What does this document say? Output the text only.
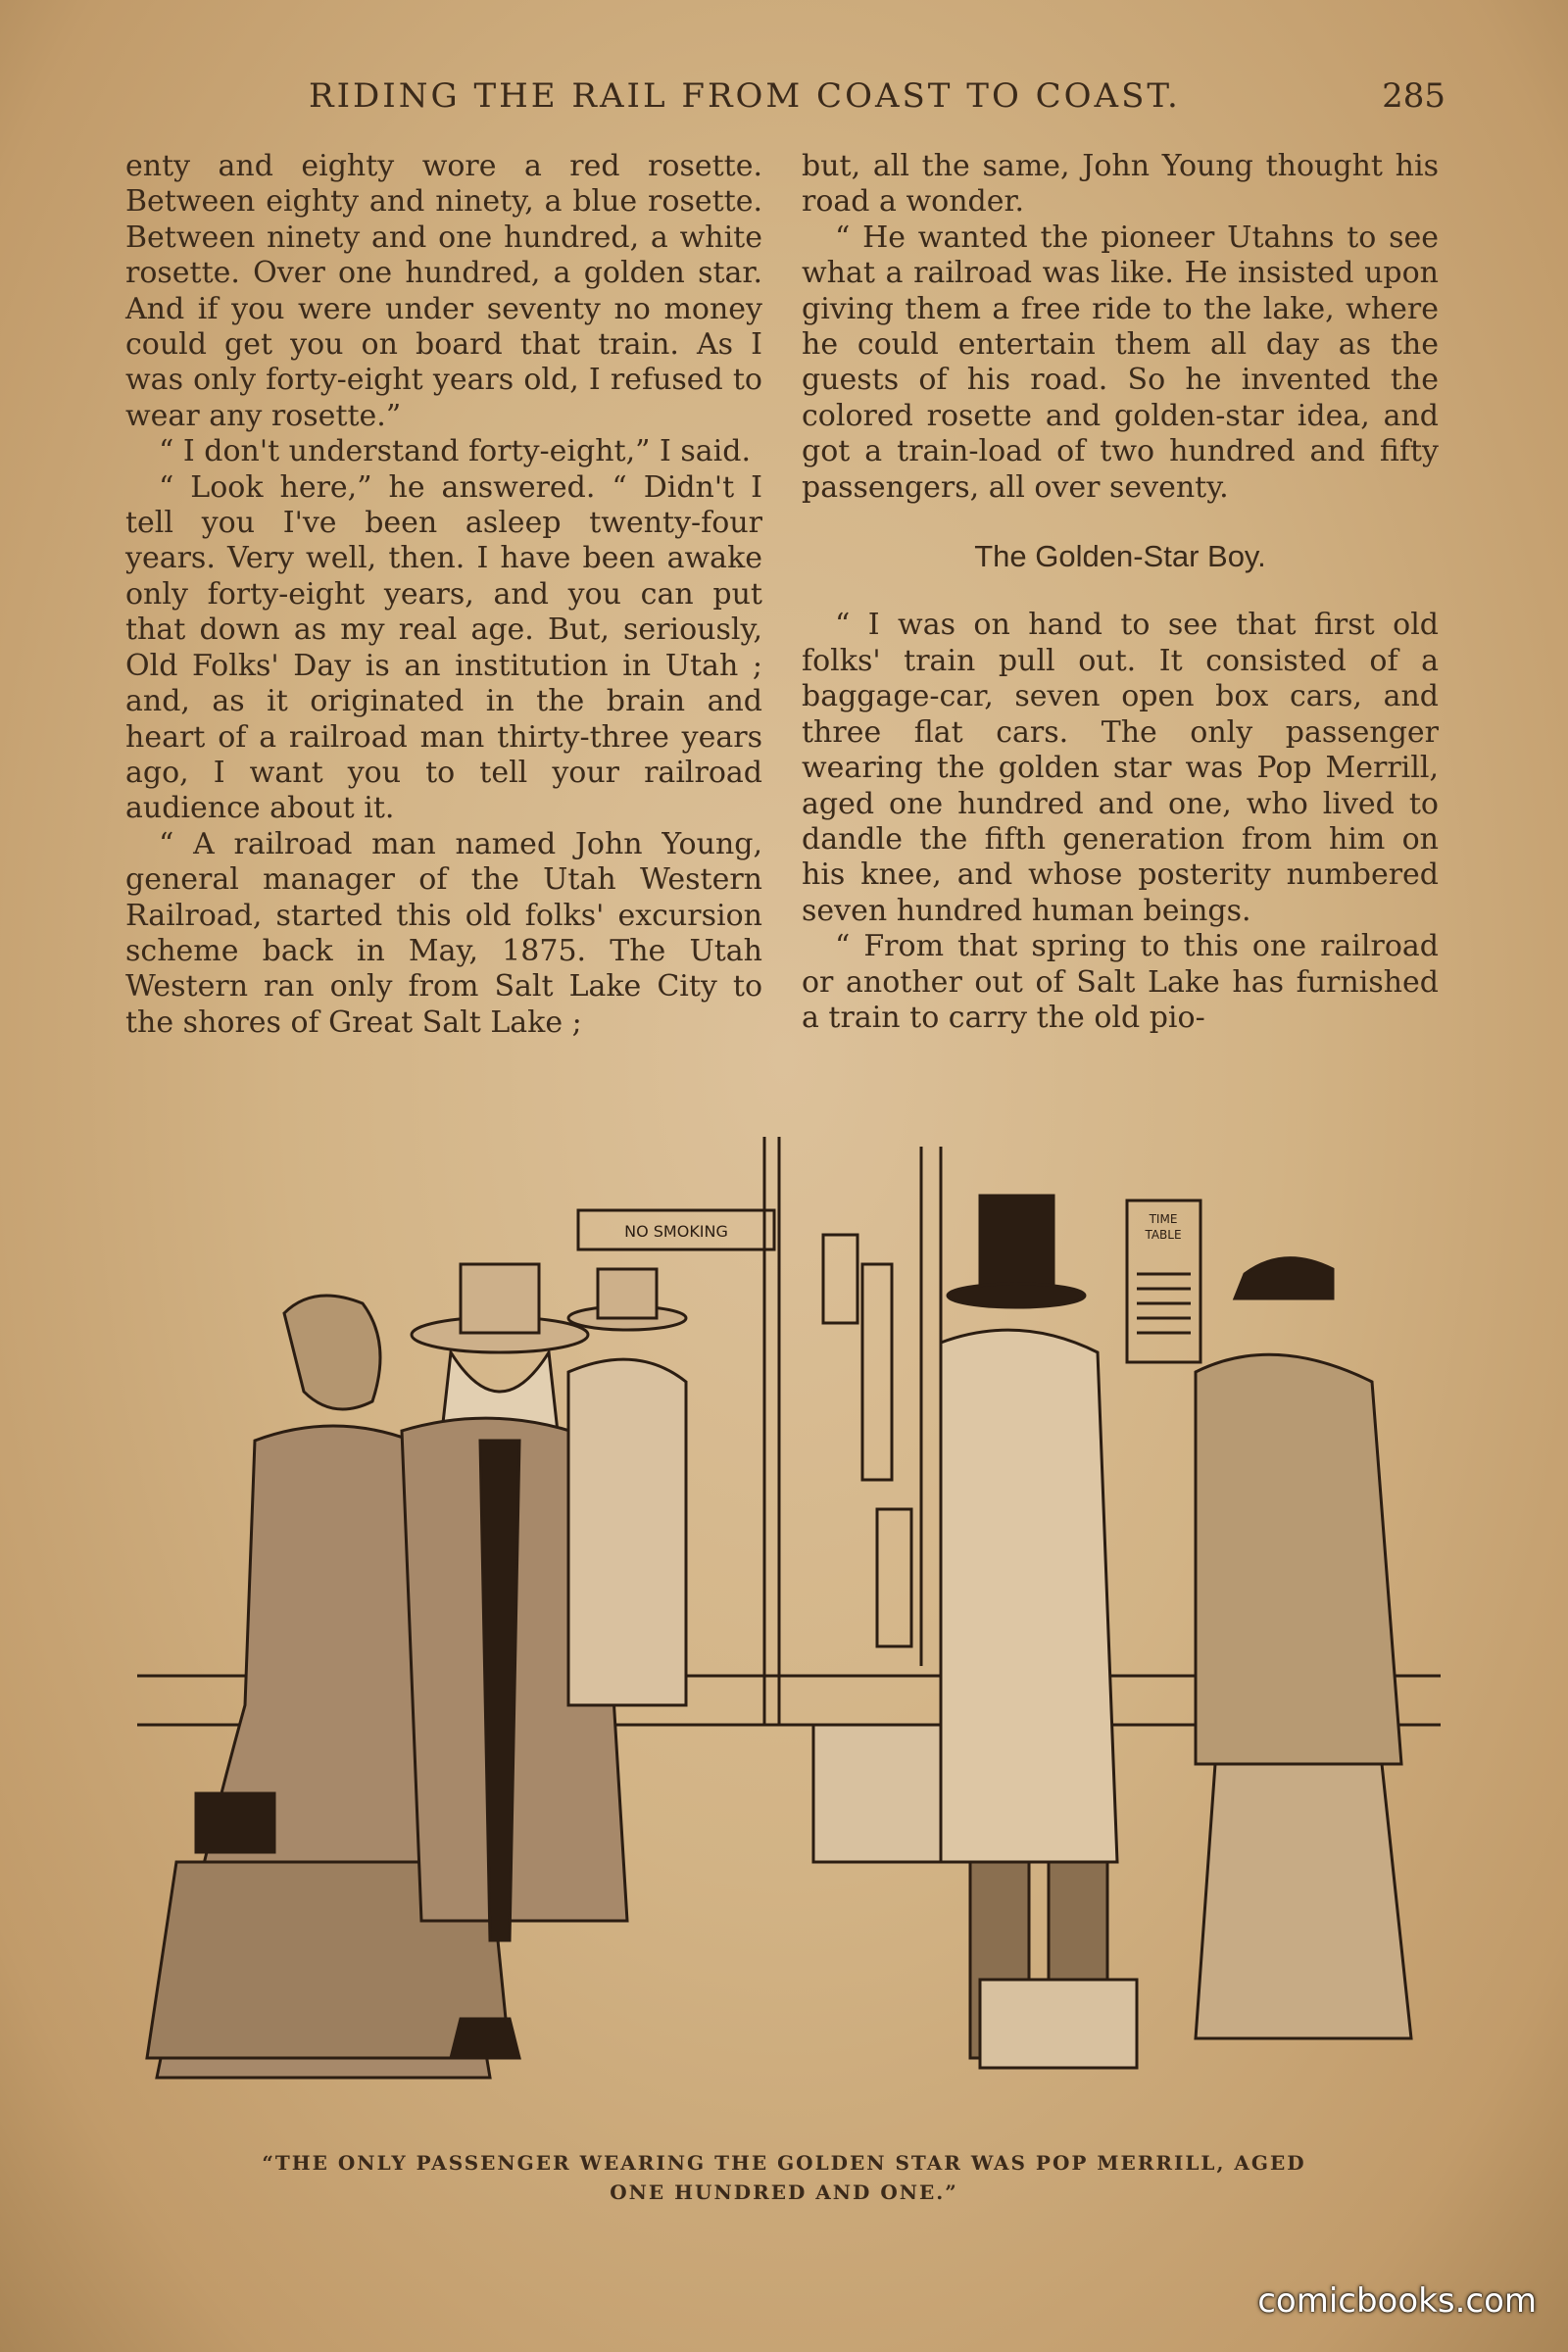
RIDING THE RAIL FROM COAST TO COAST.	285

enty and eighty wore a red rosette. Between eighty and ninety, a blue rosette. Between ninety and one hundred, a white rosette. Over one hundred, a golden star. And if you were under seventy no money could get you on board that train. As I was only forty-eight years old, I refused to wear any rosette.”

“ I don't understand forty-eight,” I said.

“ Look here,” he answered. “ Didn't I tell you I've been asleep twenty-four years. Very well, then. I have been awake only forty-eight years, and you can put that down as my real age. But, seriously, Old Folks' Day is an institution in Utah ; and, as it originated in the brain and heart of a railroad man thirty-three years ago, I want you to tell your railroad audience about it.

“ A railroad man named John Young, general manager of the Utah Western Railroad, started this old folks' excursion scheme back in May, 1875. The Utah Western ran only from Salt Lake City to the shores of Great Salt Lake ;

but, all the same, John Young thought his road a wonder.

“ He wanted the pioneer Utahns to see what a railroad was like. He insisted upon giving them a free ride to the lake, where he could entertain them all day as the guests of his road. So he invented the colored rosette and golden-star idea, and got a train-load of two hundred and fifty passengers, all over seventy.

The Golden-Star Boy.

“ I was on hand to see that first old folks' train pull out. It consisted of a baggage-car, seven open box cars, and three flat cars. The only passenger wearing the golden star was Pop Merrill, aged one hundred and one, who lived to dandle the fifth generation from him on his knee, and whose posterity numbered seven hundred human beings.

“ From that spring to this one railroad or another out of Salt Lake has furnished a train to carry the old pio-

NO SMOKING
TIME
TABLE
“THE ONLY PASSENGER WEARING THE GOLDEN STAR WAS POP MERRILL, AGED
ONE HUNDRED AND ONE.”
comicbooks.com
